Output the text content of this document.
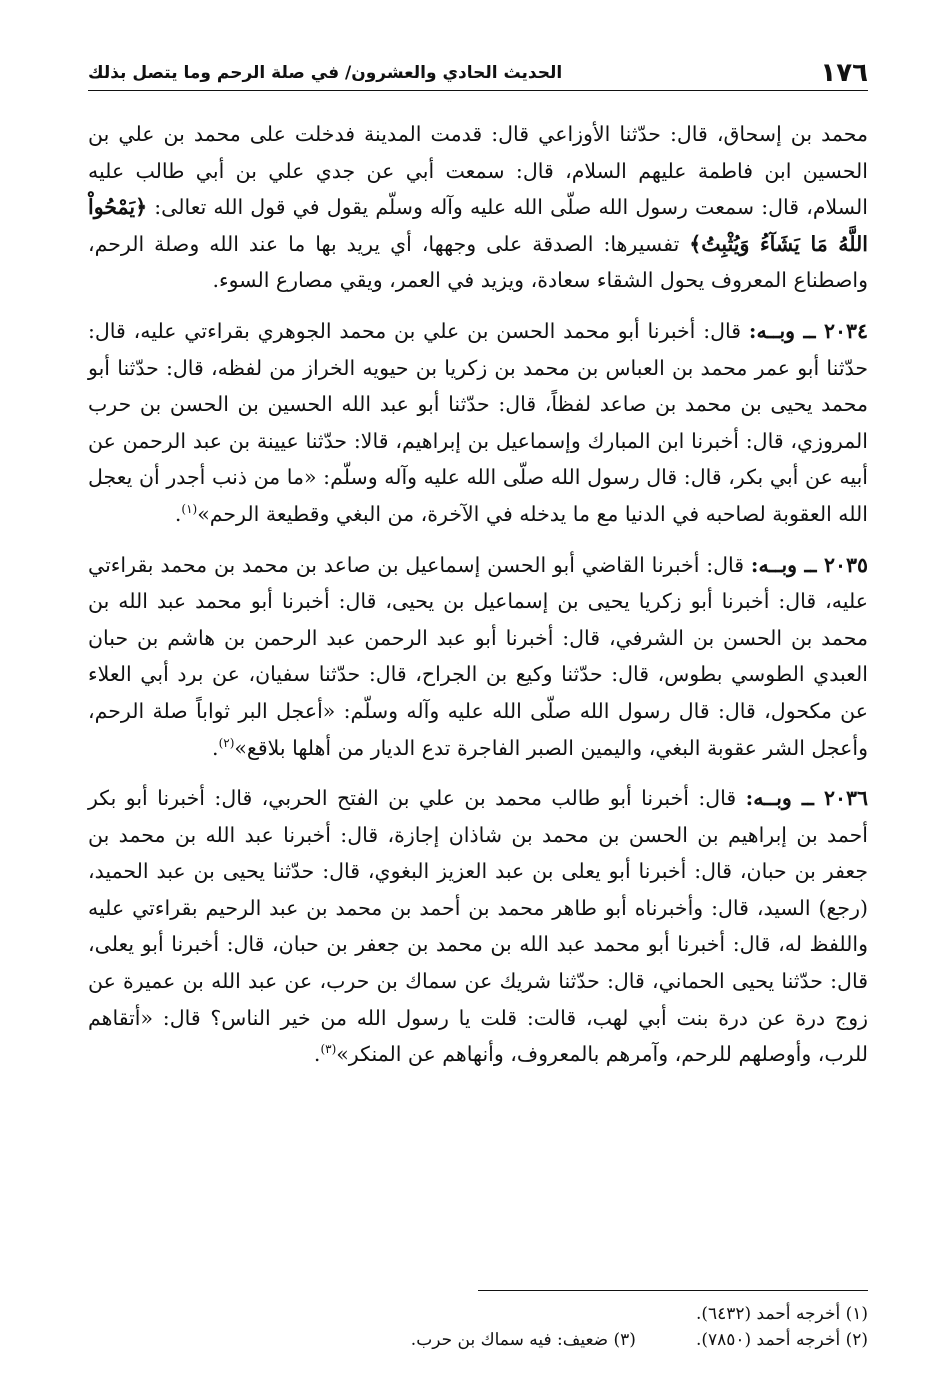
١٧٦
الحديث الحادي والعشرون/ في صلة الرحم وما يتصل بذلك

محمد بن إسحاق، قال: حدّثنا الأوزاعي قال: قدمت المدينة فدخلت على محمد بن علي بن الحسين ابن فاطمة عليهم السلام، قال: سمعت أبي عن جدي علي بن أبي طالب عليه السلام، قال: سمعت رسول الله صلّى الله عليه وآله وسلّم يقول في قول الله تعالى: ﴿يَمْحُواْ اللَّهُ مَا يَشَآءُ وَيُثْبِتُ﴾ تفسيرها: الصدقة على وجهها، أي يريد بها ما عند الله وصلة الرحم، واصطناع المعروف يحول الشقاء سعادة، ويزيد في العمر، ويقي مصارع السوء.

٢٠٣٤ ــ وبــه: قال: أخبرنا أبو محمد الحسن بن علي بن محمد الجوهري بقراءتي عليه، قال: حدّثنا أبو عمر محمد بن العباس بن محمد بن زكريا بن حيويه الخراز من لفظه، قال: حدّثنا أبو محمد يحيى بن محمد بن صاعد لفظاً، قال: حدّثنا أبو عبد الله الحسين بن الحسن بن حرب المروزي، قال: أخبرنا ابن المبارك وإسماعيل بن إبراهيم، قالا: حدّثنا عيينة بن عبد الرحمن عن أبيه عن أبي بكر، قال: قال رسول الله صلّى الله عليه وآله وسلّم: «ما من ذنب أجدر أن يعجل الله العقوبة لصاحبه في الدنيا مع ما يدخله في الآخرة، من البغي وقطيعة الرحم»$^{(١)}$.

٢٠٣٥ ــ وبــه: قال: أخبرنا القاضي أبو الحسن إسماعيل بن صاعد بن محمد بن محمد بقراءتي عليه، قال: أخبرنا أبو زكريا يحيى بن إسماعيل بن يحيى، قال: أخبرنا أبو محمد عبد الله بن محمد بن الحسن بن الشرفي، قال: أخبرنا أبو عبد الرحمن عبد الرحمن بن هاشم بن حبان العبدي الطوسي بطوس، قال: حدّثنا وكيع بن الجراح، قال: حدّثنا سفيان، عن برد أبي العلاء عن مكحول، قال: قال رسول الله صلّى الله عليه وآله وسلّم: «أعجل البر ثواباً صلة الرحم، وأعجل الشر عقوبة البغي، واليمين الصبر الفاجرة تدع الديار من أهلها بلاقع»$^{(٢)}$.

٢٠٣٦ ــ وبــه: قال: أخبرنا أبو طالب محمد بن علي بن الفتح الحربي، قال: أخبرنا أبو بكر أحمد بن إبراهيم بن الحسن بن محمد بن شاذان إجازة، قال: أخبرنا عبد الله بن محمد بن جعفر بن حبان، قال: أخبرنا أبو يعلى بن عبد العزيز البغوي، قال: حدّثنا يحيى بن عبد الحميد، (رجع) السيد، قال: وأخبرناه أبو طاهر محمد بن أحمد بن محمد بن عبد الرحيم بقراءتي عليه واللفظ له، قال: أخبرنا أبو محمد عبد الله بن محمد بن جعفر بن حبان، قال: أخبرنا أبو يعلى، قال: حدّثنا يحيى الحماني، قال: حدّثنا شريك عن سماك بن حرب، عن عبد الله بن عميرة عن زوج درة عن درة بنت أبي لهب، قالت: قلت يا رسول الله من خير الناس؟ قال: «أتقاهم للرب، وأوصلهم للرحم، وآمرهم بالمعروف، وأنهاهم عن المنكر»$^{(٣)}$.

(١) أخرجه أحمد (٦٤٣٢).
(٢) أخرجه أحمد (٧٨٥٠).
(٣) ضعيف: فيه سماك بن حرب.
